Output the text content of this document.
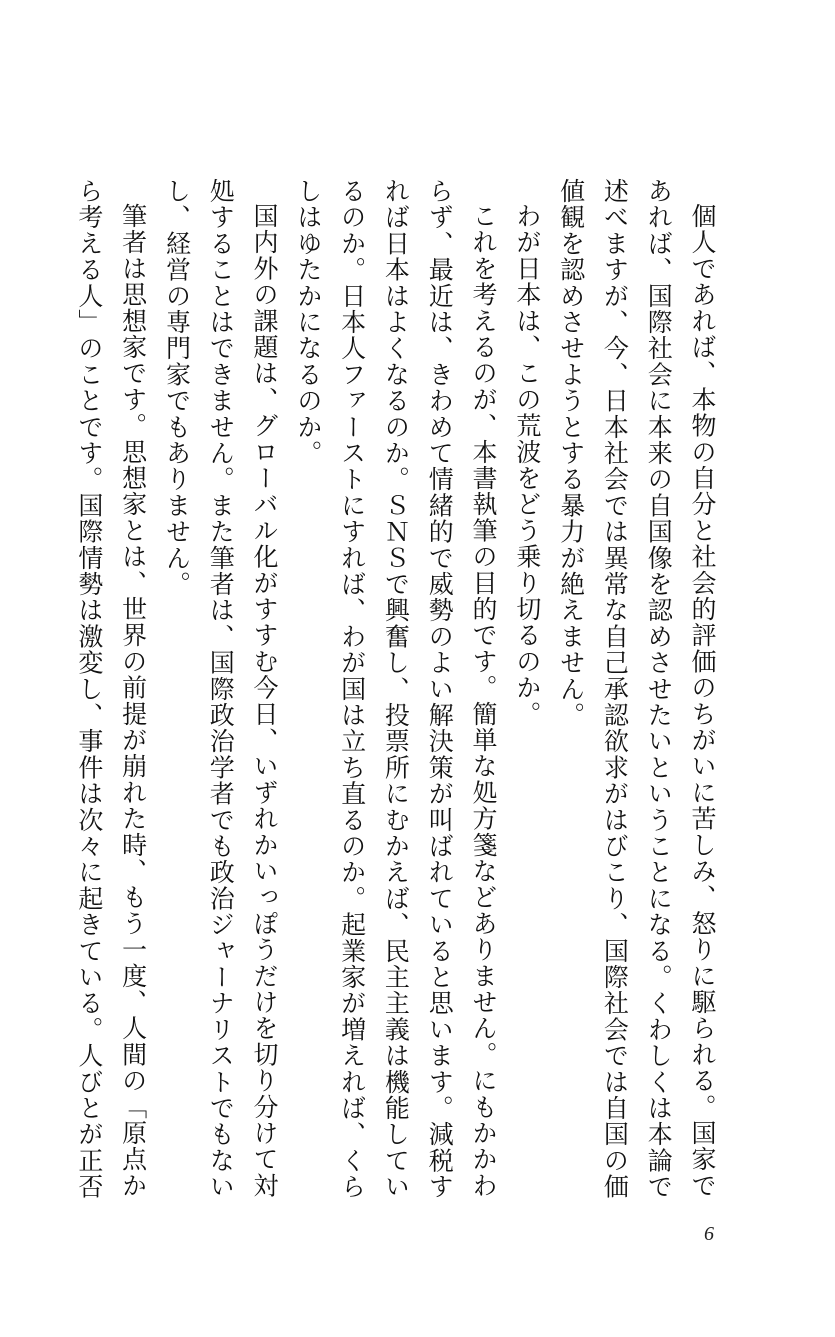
個人であれば、本物の自分と社会的評価のちがいに苦しみ、怒りに駆られる。国家であれば、国際社会に本来の自国像を認めさせたいということになる。くわしくは本論で述べますが、今、日本社会では異常な自己承認欲求がはびこり、国際社会では自国の価値観を認めさせようとする暴力が絶えません。

わが日本は、この荒波をどう乗り切るのか。

これを考えるのが、本書執筆の目的です。簡単な処方箋などありません。にもかかわらず、最近は、きわめて情緒的で威勢のよい解決策が叫ばれていると思います。減税すれば日本はよくなるのか。ＳＮＳで興奮し、投票所にむかえば、民主主義は機能しているのか。日本人ファーストにすれば、わが国は立ち直るのか。起業家が増えれば、くらしはゆたかになるのか。

国内外の課題は、グローバル化がすすむ今日、いずれかいっぽうだけを切り分けて対処することはできません。また筆者は、国際政治学者でも政治ジャーナリストでもないし、経営の専門家でもありません。

筆者は思想家です。思想家とは、世界の前提が崩れた時、もう一度、人間の「原点から考える人」のことです。国際情勢は激変し、事件は次々に起きている。人びとが正否

6
